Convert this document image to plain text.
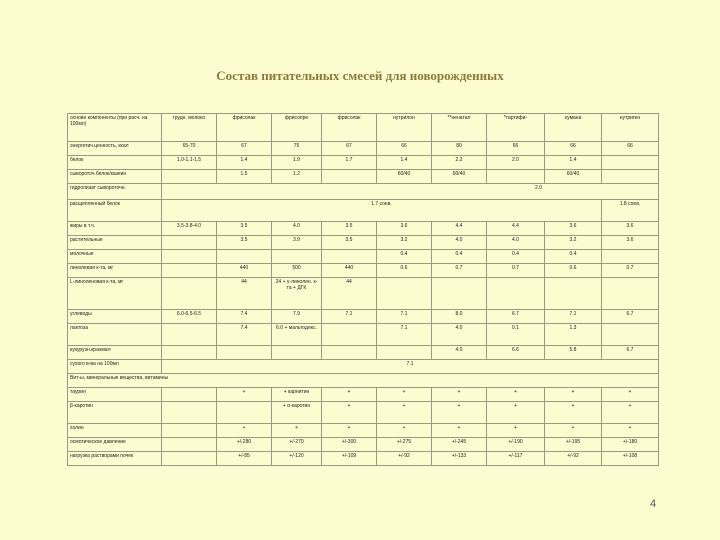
Состав питательных смесей для новорожденных
основн компоненты (при расч. на 100мл)	грудн. молоко	фрисолак	фрисопре	фрисолак	нутрилон	**ненатал	*тартифи-	хумана	нутриген
энергетич.ценность, ккал	65-70	67	75	67	66	80	66	66	66
белок	1.0-1.1-1.5	1.4	1.9	1.7	1.4	2.2	2.0	1.4	
сывороточ.белок/казеин		1.5	1.2		60/40	60/40		60/40	
гидролизат сывороточн.	2.0								
расщепленный белок	1.7 соев.								1.8 соев.
жиры в т.ч.	3.5-3.8-4.0	3.5	4.0	3.5	3.6	4.4	4.4	3.6	3.6
растительные		3.5	3.9	3.5	3.2	4.0	4.0	3.2	3.6
молочные					0.4	0.4	0.4	0.4	
линолевая к-та, мг		440	500	440	0.6	0.7	0.7	0.6	0.7
L-линоленовая к-та, мг		44	24 + γ-линолен. к-та + ДГК	44					
углеводы	6.0-6.5-6.5	7.4	7.9	7.1	7.1	8.0	6.7	7.1	6.7
лактоза		7.4	6.0 + мальтодекс.		7.1	4.0	0.1	1.3	
кукурузн.крахмал						4.0	6.6	5.8	6.7
сухого в-ва на 100мл	7.1								
Вит-ы, минеральные вещества, витамины									
таурин		+	+ карнитин	+	+	+	+	+	+
β-каротин			+ α-каротин	+	+	+	+	+	+
холин		+	+	+	+	+	+	+	+
осмотическое давление		+/-280	+/-270	+/-300	+/-275	+/-245	+/-190	+/-195	+/-180
нагрузка растворами почек		+/-85	+/-120	+/-109	+/-92	+/-133	+/-117	+/-92	+/-108
4
